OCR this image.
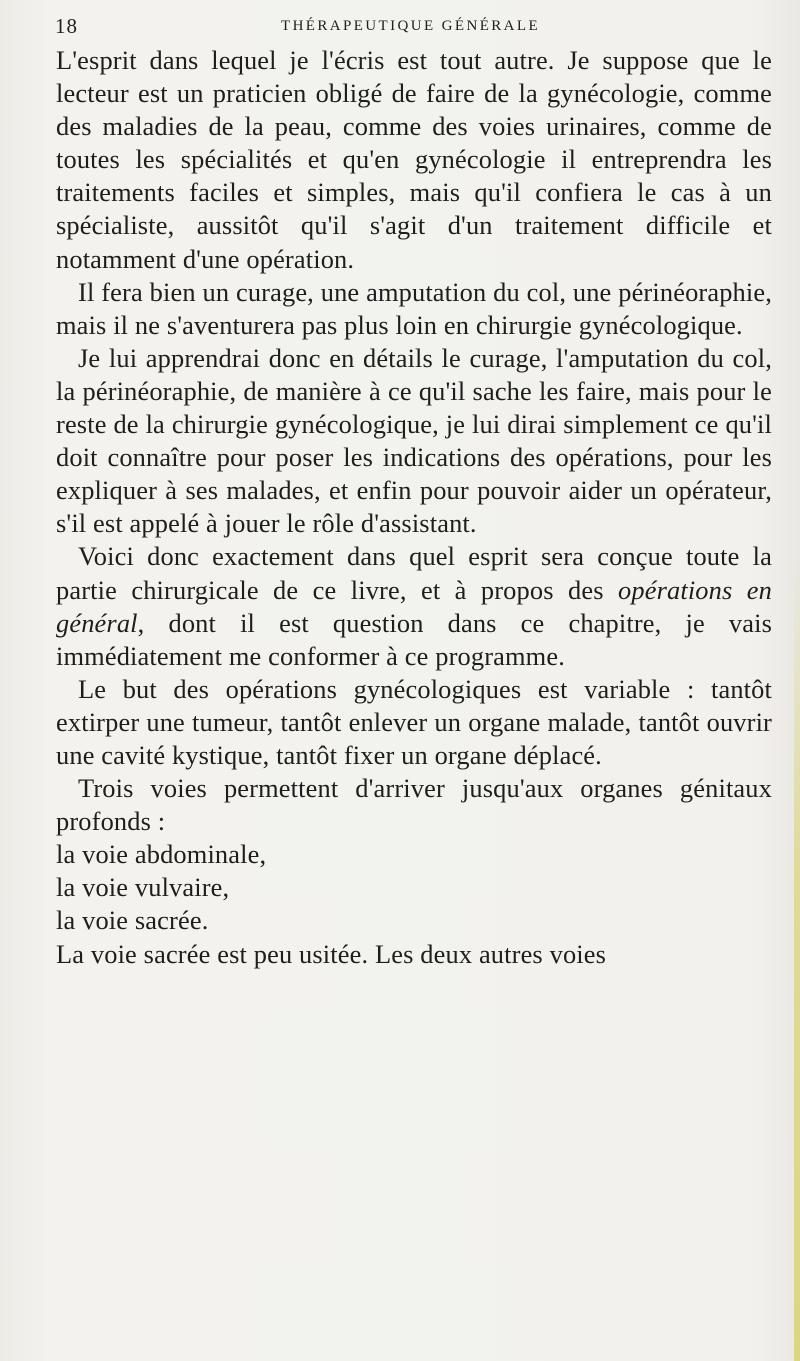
18	THÉRAPEUTIQUE GÉNÉRALE

L'esprit dans lequel je l'écris est tout autre. Je suppose que le lecteur est un praticien obligé de faire de la gynécologie, comme des maladies de la peau, comme des voies urinaires, comme de toutes les spécialités et qu'en gynécologie il entreprendra les traitements faciles et simples, mais qu'il confiera le cas à un spécialiste, aussitôt qu'il s'agit d'un traitement difficile et notamment d'une opération.

Il fera bien un curage, une amputation du col, une périnéoraphie, mais il ne s'aventurera pas plus loin en chirurgie gynécologique.

Je lui apprendrai donc en détails le curage, l'amputation du col, la périnéoraphie, de manière à ce qu'il sache les faire, mais pour le reste de la chirurgie gynécologique, je lui dirai simplement ce qu'il doit connaître pour poser les indications des opérations, pour les expliquer à ses malades, et enfin pour pouvoir aider un opérateur, s'il est appelé à jouer le rôle d'assistant.

Voici donc exactement dans quel esprit sera conçue toute la partie chirurgicale de ce livre, et à propos des opérations en général, dont il est question dans ce chapitre, je vais immédiatement me conformer à ce programme.

Le but des opérations gynécologiques est variable : tantôt extirper une tumeur, tantôt enlever un organe malade, tantôt ouvrir une cavité kystique, tantôt fixer un organe déplacé.

Trois voies permettent d'arriver jusqu'aux organes génitaux profonds :

la voie abdominale,
la voie vulvaire,
la voie sacrée.

La voie sacrée est peu usitée. Les deux autres voies
